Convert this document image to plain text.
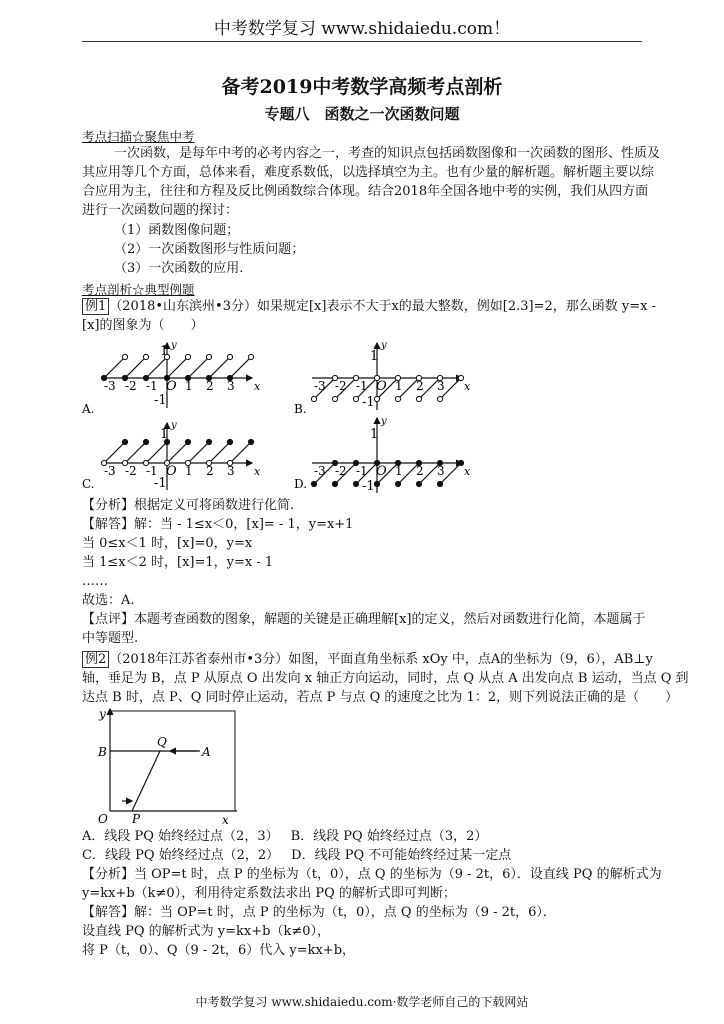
中考数学复习 www.shidaiedu.com！
备考2019中考数学高频考点剖析
专题八　函数之一次函数问题
考点扫描☆聚焦中考
一次函数，是每年中考的必考内容之一，考查的知识点包括函数图像和一次函数的图形、性质及
其应用等几个方面，总体来看，难度系数低，以选择填空为主。也有少量的解析题。解析题主要以综
合应用为主，往往和方程及反比例函数综合体现。结合2018年全国各地中考的实例，我们从四方面
进行一次函数问题的探讨：
（1）函数图像问题；
（2）一次函数图形与性质问题；
（3）一次函数的应用.
考点剖析☆典型例题
例1 （2018•山东滨州•3分）如果规定[x]表示不大于x的最大整数，例如[2.3]=2，那么函数 y=x -
[x]的图象为（　　）
x
y
1
-1
O
-3 -2 -1 1 2 3
A.
x
y
1
-1
O
-3 -2 -1 1 2 3
B.
x
y
1
-1
O
-3 -2 -1 1 2 3
C.
x
y
1
-1
O
-3 -2 -1 1 2 3
D.
【分析】根据定义可将函数进行化简.
【解答】解：当 - 1≤x＜0，[x]= - 1，y=x+1
当 0≤x＜1 时，[x]=0，y=x
当 1≤x＜2 时，[x]=1，y=x - 1
……
故选：A.
【点评】本题考查函数的图象，解题的关键是正确理解[x]的定义，然后对函数进行化简，本题属于
中等题型.
例2 （2018年江苏省泰州市•3分）如图，平面直角坐标系 xOy 中，点A的坐标为（9，6），AB⊥y
轴，垂足为 B，点 P 从原点 O 出发向 x 轴正方向运动，同时，点 Q 从点 A 出发向点 B 运动，当点 Q 到
达点 B 时，点 P、Q 同时停止运动，若点 P 与点 Q 的速度之比为 1：2，则下列说法正确的是（　　）
y
x
O
B
Q
A
P
A．线段 PQ 始终经过点（2，3） B．线段 PQ 始终经过点（3，2）
C．线段 PQ 始终经过点（2，2） D．线段 PQ 不可能始终经过某一定点
【分析】当 OP=t 时，点 P 的坐标为（t，0），点 Q 的坐标为（9 - 2t，6）．设直线 PQ 的解析式为
y=kx+b（k≠0），利用待定系数法求出 PQ 的解析式即可判断；
【解答】解：当 OP=t 时，点 P 的坐标为（t，0），点 Q 的坐标为（9 - 2t，6）．
设直线 PQ 的解析式为 y=kx+b（k≠0），
将 P（t，0）、Q（9 - 2t，6）代入 y=kx+b，
中考数学复习 www.shidaiedu.com·数学老师自己的下载网站
